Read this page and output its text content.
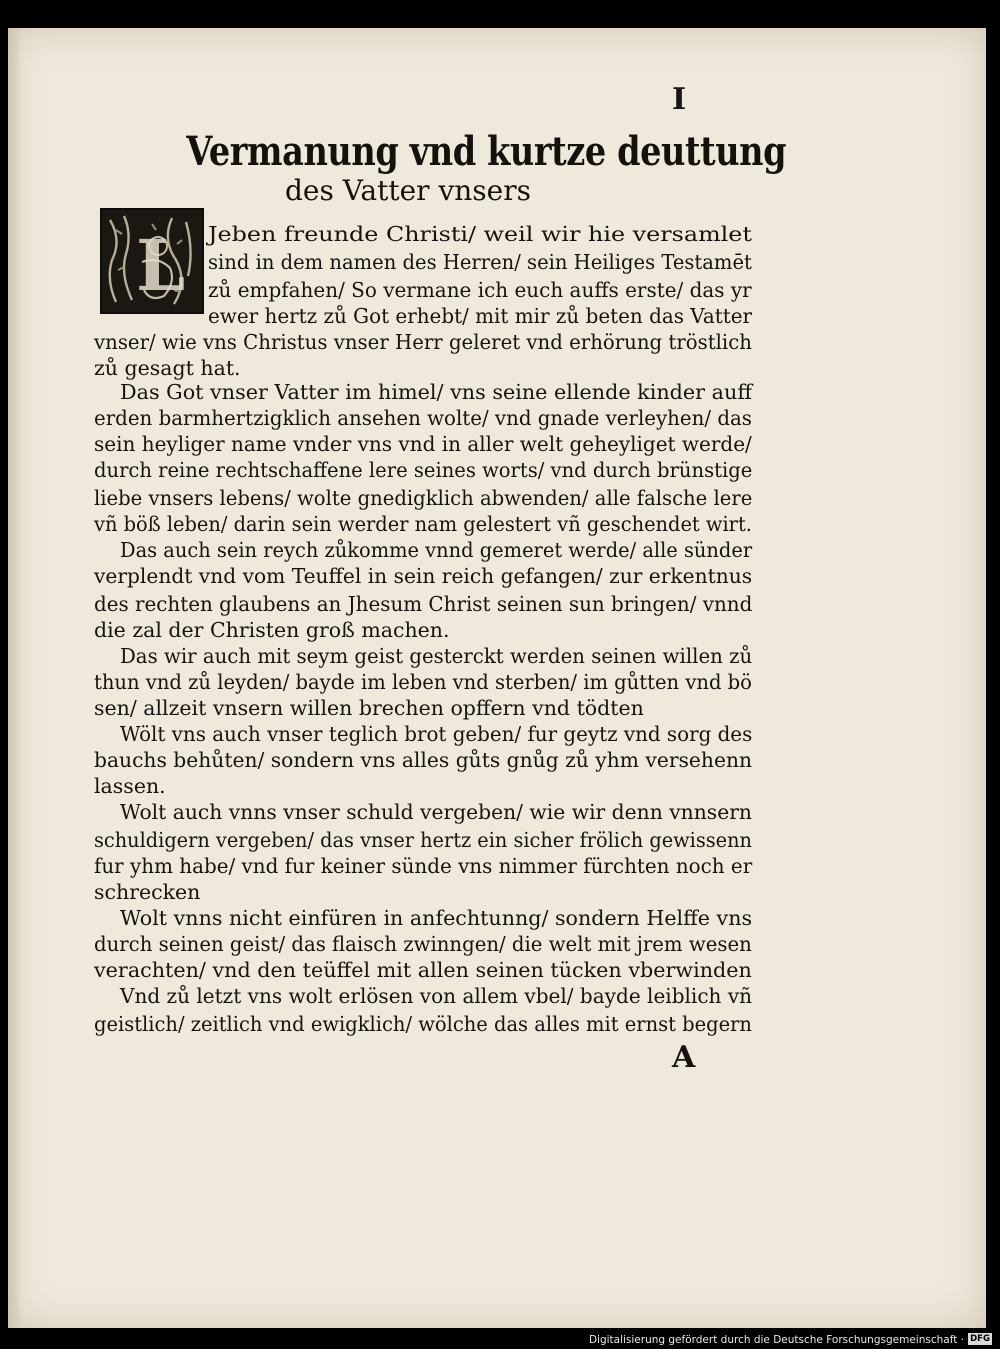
I
Vermanung vnd kurtze deuttung
des Vatter vnsers
L Jeben freunde Christi/ weil wir hie versamlet
sind in dem namen des Herren/ sein Heiliges Testamēt
zů empfahen/ So vermane ich euch auffs erste/ das yr
ewer hertz zů Got erhebt/ mit mir zů beten das Vatter
vnser/ wie vns Christus vnser Herr geleret vnd erhörung tröstlich
zů gesagt hat.
Das Got vnser Vatter im himel/ vns seine ellende kinder auff
erden barmhertzigklich ansehen wolte/ vnd gnade verleyhen/ das
sein heyliger name vnder vns vnd in aller welt geheyliget werde/
durch reine rechtschaffene lere seines worts/ vnd durch brünstige
liebe vnsers lebens/ wolte gnedigklich abwenden/ alle falsche lere
vñ böß leben/ darin sein werder nam gelestert vñ geschendet wirt.
Das auch sein reych zůkomme vnnd gemeret werde/ alle sünder
verplendt vnd vom Teuffel in sein reich gefangen/ zur erkentnus
des rechten glaubens an Jhesum Christ seinen sun bringen/ vnnd
die zal der Christen groß machen.
Das wir auch mit seym geist gesterckt werden seinen willen zů
thun vnd zů leyden/ bayde im leben vnd sterben/ im gůtten vnd bö
sen/ allzeit vnsern willen brechen opffern vnd tödten
Wölt vns auch vnser teglich brot geben/ fur geytz vnd sorg des
bauchs behůten/ sondern vns alles gůts gnůg zů yhm versehenn
lassen.
Wolt auch vnns vnser schuld vergeben/ wie wir denn vnnsern
schuldigern vergeben/ das vnser hertz ein sicher frölich gewissenn
fur yhm habe/ vnd fur keiner sünde vns nimmer fürchten noch er
schrecken
Wolt vnns nicht einfüren in anfechtunng/ sondern Helffe vns
durch seinen geist/ das flaisch zwinngen/ die welt mit jrem wesen
verachten/ vnd den teüffel mit allen seinen tücken vberwinden
Vnd zů letzt vns wolt erlösen von allem vbel/ bayde leiblich vñ
geistlich/ zeitlich vnd ewigklich/ wölche das alles mit ernst begern
A
Digitalisierung gefördert durch die Deutsche Forschungsgemeinschaft · DFG
